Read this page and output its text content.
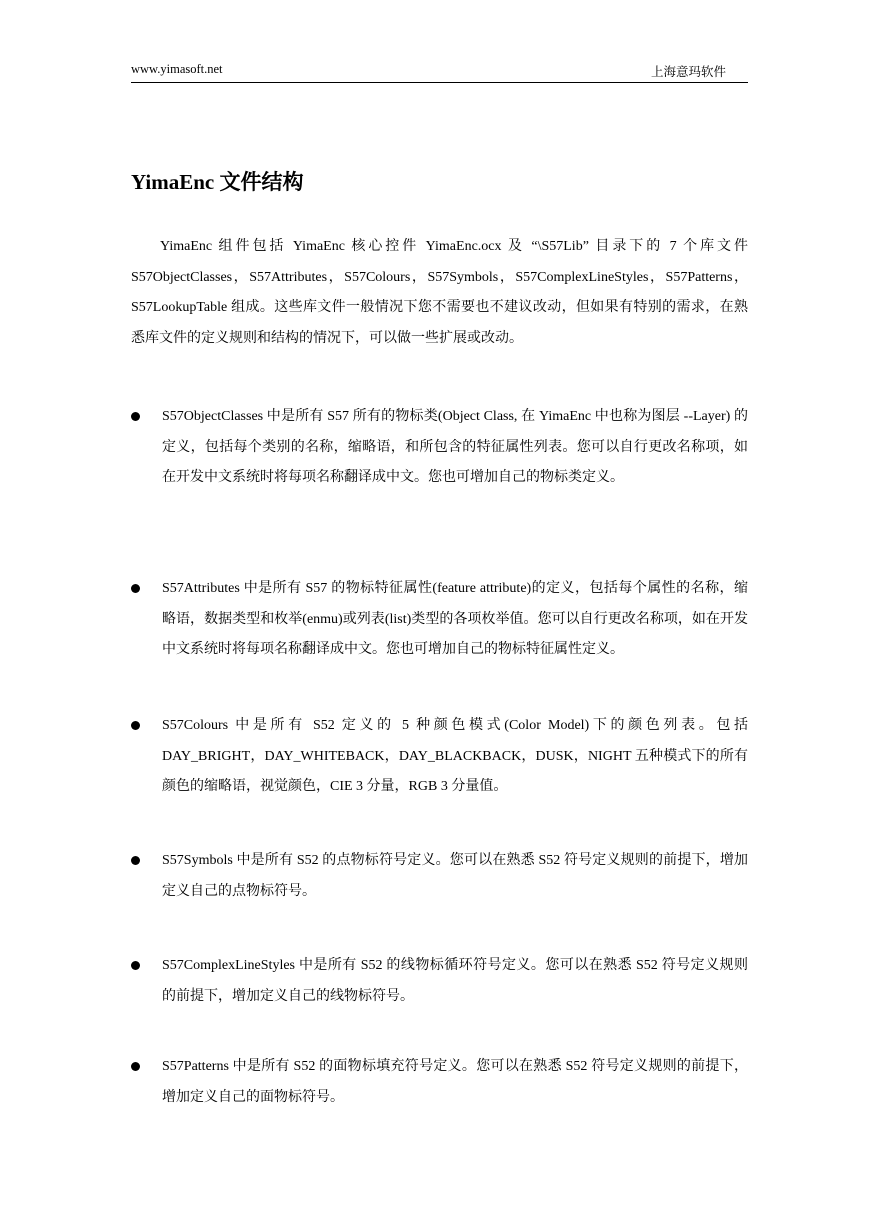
www.yimasoft.net	上海意玛软件
YimaEnc 文件结构

YimaEnc 组件包括 YimaEnc 核心控件 YimaEnc.ocx 及 “\S57Lib” 目录下的 7 个库文件 S57ObjectClasses，S57Attributes，S57Colours，S57Symbols，S57ComplexLineStyles，S57Patterns，S57LookupTable 组成。这些库文件一般情况下您不需要也不建议改动，但如果有特别的需求，在熟悉库文件的定义规则和结构的情况下，可以做一些扩展或改动。

S57ObjectClasses 中是所有 S57 所有的物标类(Object Class, 在 YimaEnc 中也称为图层 --Layer) 的定义，包括每个类别的名称，缩略语，和所包含的特征属性列表。您可以自行更改名称项，如在开发中文系统时将每项名称翻译成中文。您也可增加自己的物标类定义。
S57Attributes 中是所有 S57 的物标特征属性(feature attribute)的定义，包括每个属性的名称，缩略语，数据类型和枚举(enmu)或列表(list)类型的各项枚举值。您可以自行更改名称项，如在开发中文系统时将每项名称翻译成中文。您也可增加自己的物标特征属性定义。
S57Colours 中是所有 S52 定义的 5 种颜色模式(Color Model)下的颜色列表。包括 DAY_BRIGHT，DAY_WHITEBACK，DAY_BLACKBACK，DUSK，NIGHT 五种模式下的所有颜色的缩略语，视觉颜色，CIE 3 分量，RGB 3 分量值。
S57Symbols 中是所有 S52 的点物标符号定义。您可以在熟悉 S52 符号定义规则的前提下，增加定义自己的点物标符号。
S57ComplexLineStyles 中是所有 S52 的线物标循环符号定义。您可以在熟悉 S52 符号定义规则的前提下，增加定义自己的线物标符号。
S57Patterns 中是所有 S52 的面物标填充符号定义。您可以在熟悉 S52 符号定义规则的前提下，增加定义自己的面物标符号。
